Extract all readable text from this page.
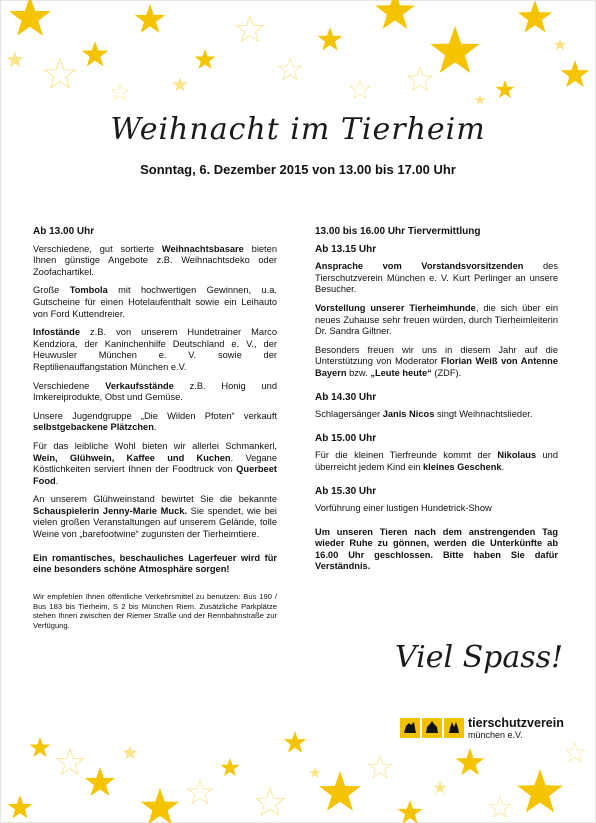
Weihnacht im Tierheim
Sonntag, 6. Dezember 2015 von 13.00 bis 17.00 Uhr
Ab 13.00 Uhr

Verschiedene, gut sortierte Weihnachtsbasare bieten Ihnen günstige Angebote z.B. Weihnachtsdeko oder Zoofachartikel.

Große Tombola mit hochwertigen Gewinnen, u.a. Gutscheine für einen Hotelaufenthalt sowie ein Leihauto von Ford Kuttendreier.

Infostände z.B. von unserem Hundetrainer Marco Kendziora, der Kaninchenhilfe Deutschland e. V., der Heuwusler München e. V. sowie der Reptilienauffangstation München e.V.

Verschiedene Verkaufsstände z.B. Honig und Imkereiprodukte, Obst und Gemüse.

Unsere Jugendgruppe „Die Wilden Pfoten“ verkauft selbstgebackene Plätzchen.

Für das leibliche Wohl bieten wir allerlei Schmankerl, Wein, Glühwein, Kaffee und Kuchen. Vegane Köstlichkeiten serviert Ihnen der Foodtruck von Querbeet Food.

An unserem Glühweinstand bewirtet Sie die bekannte Schauspielerin Jenny-Marie Muck. Sie spendet, wie bei vielen großen Veranstaltungen auf unserem Gelände, tolle Weine von „barefootwine“ zugunsten der Tierheimtiere.

Ein romantisches, beschauliches Lagerfeuer wird für eine besonders schöne Atmosphäre sorgen!

Wir empfehlen Ihnen öffentliche Verkehrsmittel zu benutzen: Bus 190 / Bus 183 bis Tierheim, S 2 bis München Riem. Zusätzliche Parkplätze stehen Ihnen zwischen der Riemer Straße und der Rennbahnstraße zur Verfügung.

13.00 bis 16.00 Uhr Tiervermittlung
Ab 13.15 Uhr

Ansprache vom Vorstandsvorsitzenden des Tierschutzverein München e. V. Kurt Perlinger an unsere Besucher.

Vorstellung unserer Tierheimhunde, die sich über ein neues Zuhause sehr freuen würden, durch Tierheimleiterin Dr. Sandra Giltner.

Besonders freuen wir uns in diesem Jahr auf die Unterstützung von Moderator Florian Weiß von Antenne Bayern bzw. „Leute heute“ (ZDF).

Ab 14.30 Uhr

Schlagersänger Janis Nicos singt Weihnachtslieder.

Ab 15.00 Uhr

Für die kleinen Tierfreunde kommt der Nikolaus und überreicht jedem Kind ein kleines Geschenk.

Ab 15.30 Uhr

Vorführung einer lustigen Hundetrick-Show

Um unseren Tieren nach dem anstrengenden Tag wieder Ruhe zu gönnen, werden die Unterkünfte ab 16.00 Uhr geschlossen. Bitte haben Sie dafür Verständnis.

Viel Spass!
tierschutzverein
münchen e.V.
